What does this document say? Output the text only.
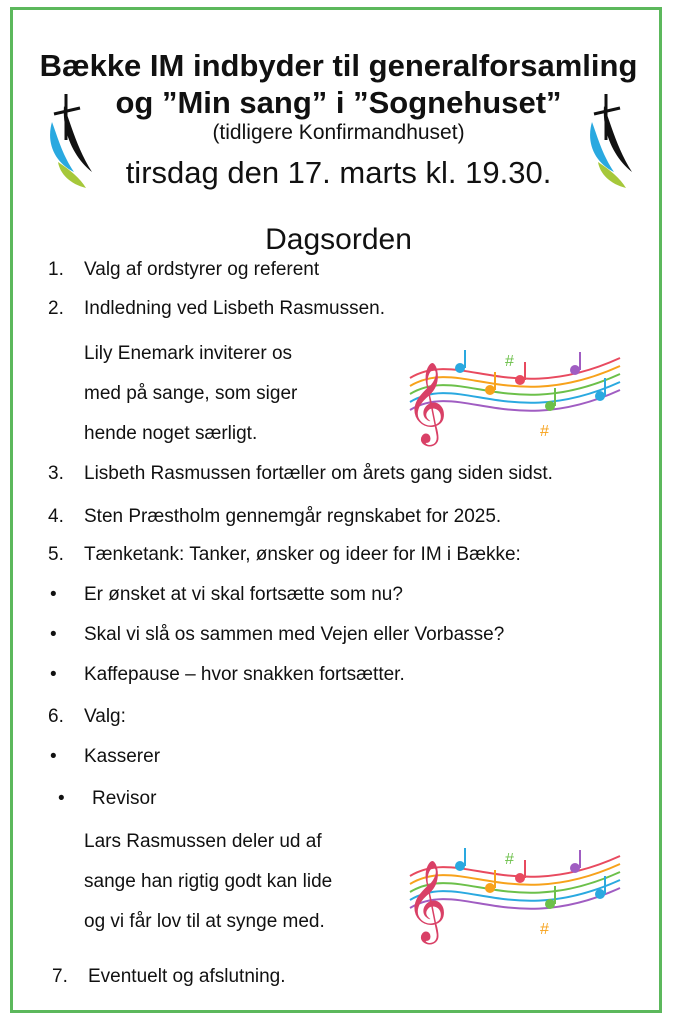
Bække IM indbyder til generalforsamling
og ”Min sang” i ”Sognehuset”
(tidligere Konfirmandhuset)
tirsdag den 17. marts kl. 19.30.
Dagsorden
1. Valg af ordstyrer og referent
2. Indledning ved Lisbeth Rasmussen.
Lily Enemark inviterer os
med på sange, som siger
hende noget særligt.	𝄞	#
#
3. Lisbeth Rasmussen fortæller om årets gang siden sidst.
4. Sten Præstholm gennemgår regnskabet for 2025.
5. Tænketank: Tanker, ønsker og ideer for IM i Bække:
• Er ønsket at vi skal fortsætte som nu?
• Skal vi slå os sammen med Vejen eller Vorbasse?
• Kaffepause – hvor snakken fortsætter.
6. Valg:
• Kasserer
• Revisor
Lars Rasmussen deler ud af
sange han rigtig godt kan lide
og vi får lov til at synge med. 𝄞	#
#
7. Eventuelt og afslutning.
